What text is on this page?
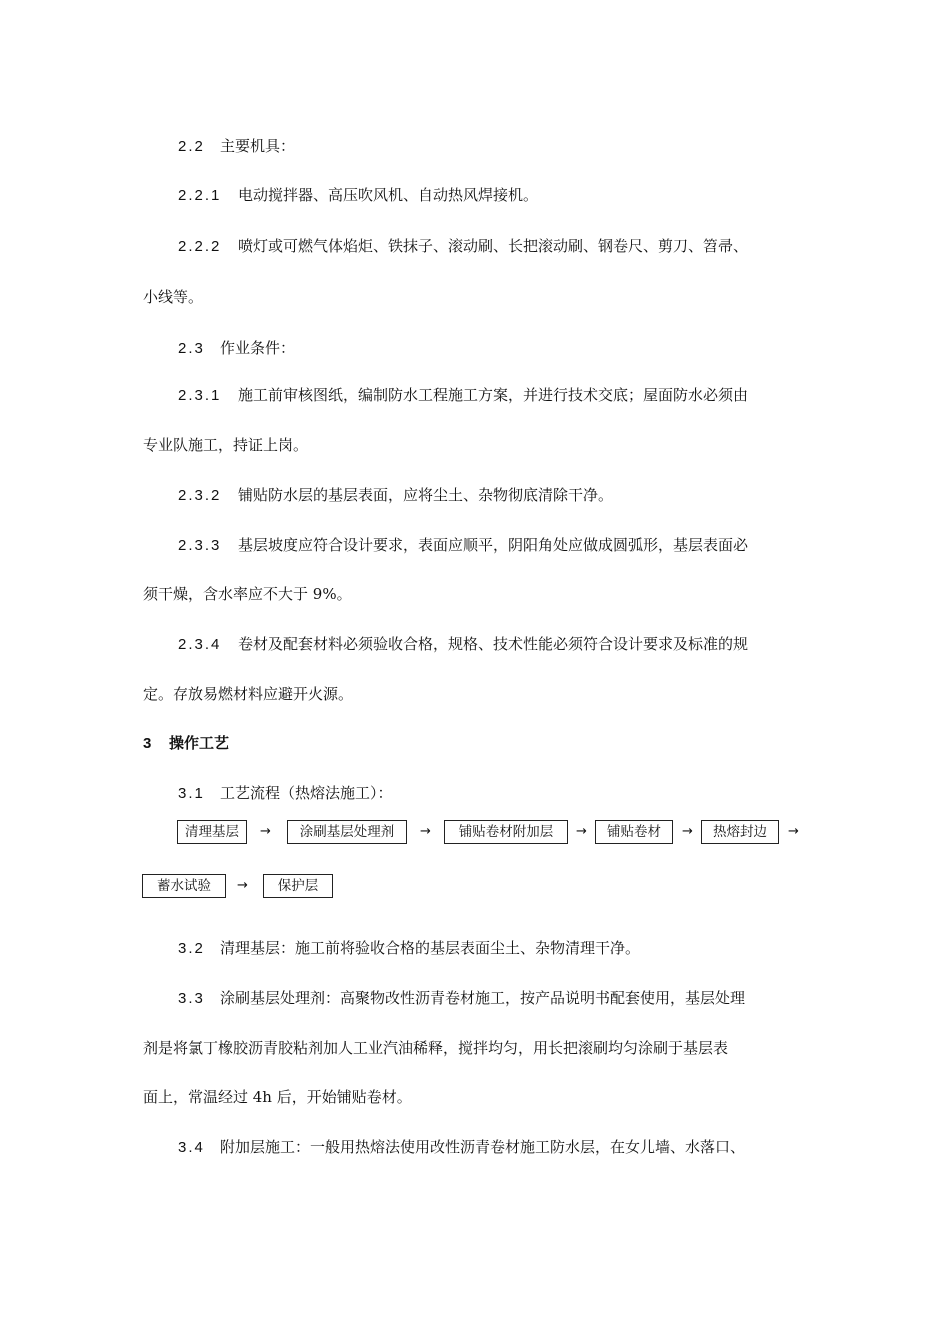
2.2 主要机具：
2.2.1 电动搅拌器、高压吹风机、自动热风焊接机。
2.2.2 喷灯或可燃气体焰炬、铁抹子、滚动刷、长把滚动刷、钢卷尺、剪刀、笤帚、
小线等。
2.3 作业条件：
2.3.1 施工前审核图纸，编制防水工程施工方案，并进行技术交底；屋面防水必须由
专业队施工，持证上岗。
2.3.2 铺贴防水层的基层表面，应将尘土、杂物彻底清除干净。
2.3.3 基层坡度应符合设计要求，表面应顺平，阴阳角处应做成圆弧形，基层表面必
须干燥，含水率应不大于 9%。
2.3.4 卷材及配套材料必须验收合格，规格、技术性能必须符合设计要求及标准的规
定。存放易燃材料应避开火源。
3 操作工艺
3.1 工艺流程（热熔法施工）：
清理基层	→	涂刷基层处理剂	→	铺贴卷材附加层	→	铺贴卷材	→	热熔封边	→
蓄水试验	→	保护层
3.2 清理基层：施工前将验收合格的基层表面尘土、杂物清理干净。
3.3 涂刷基层处理剂：高聚物改性沥青卷材施工，按产品说明书配套使用，基层处理
剂是将氯丁橡胶沥青胶粘剂加人工业汽油稀释，搅拌均匀，用长把滚刷均匀涂刷于基层表
面上，常温经过 4h 后，开始铺贴卷材。
3.4 附加层施工：一般用热熔法使用改性沥青卷材施工防水层，在女儿墙、水落口、
